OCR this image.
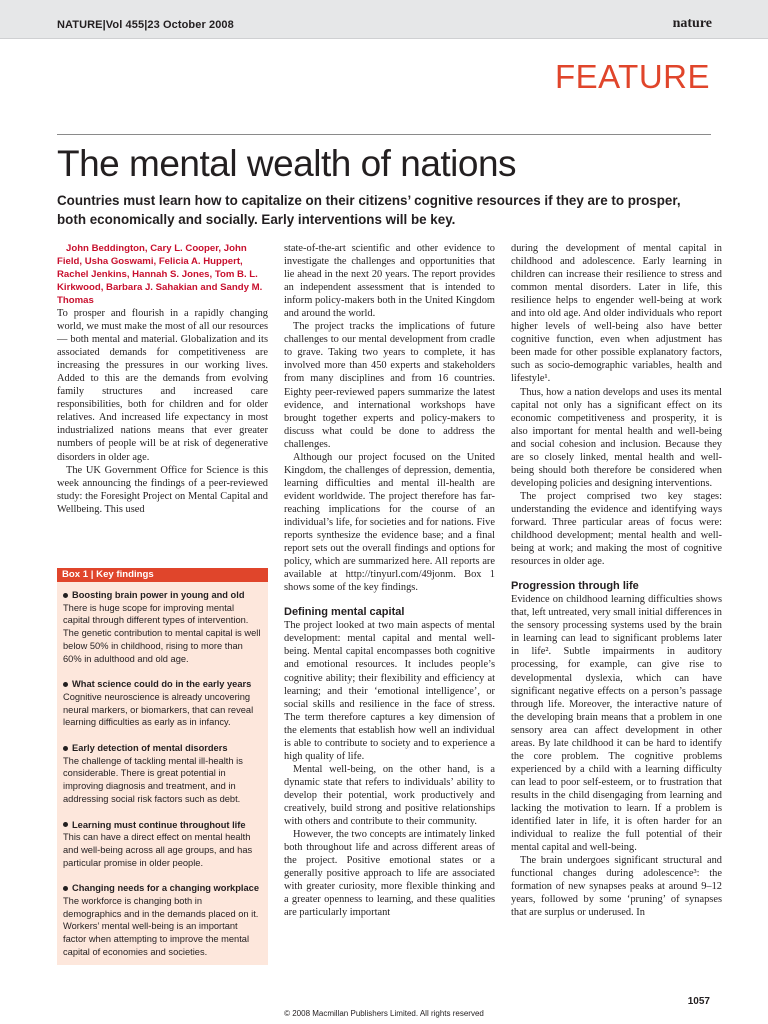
NATURE|Vol 455|23 October 2008	nature
FEATURE
The mental wealth of nations

Countries must learn how to capitalize on their citizens’ cognitive resources if they are to prosper, both economically and socially. Early interventions will be key.

John Beddington, Cary L. Cooper, John Field, Usha Goswami, Felicia A. Huppert, Rachel Jenkins, Hannah S. Jones, Tom B. L. Kirkwood, Barbara J. Sahakian and Sandy M. Thomas

To prosper and flourish in a rapidly changing world, we must make the most of all our resources — both mental and material. Globalization and its associated demands for competitiveness are increasing the pressures in our working lives. Added to this are the demands from evolving family structures and increased care responsibilities, both for children and for older relatives. And increased life expectancy in most industrialized nations means that ever greater numbers of people will be at risk of degenerative disorders in older age.

The UK Government Office for Science is this week announcing the findings of a peer-reviewed study: the Foresight Project on Mental Capital and Wellbeing. This used

Box 1 | Key findings
Boosting brain power in young and old

There is huge scope for improving mental capital through different types of intervention. The genetic contribution to mental capital is well below 50% in childhood, rising to more than 60% in adulthood and old age.

What science could do in the early years

Cognitive neuroscience is already uncovering neural markers, or biomarkers, that can reveal learning difficulties as early as in infancy.

Early detection of mental disorders

The challenge of tackling mental ill-health is considerable. There is great potential in improving diagnosis and treatment, and in addressing social risk factors such as debt.

Learning must continue throughout life

This can have a direct effect on mental health and well-being across all age groups, and has particular promise in older people.

Changing needs for a changing workplace

The workforce is changing both in demographics and in the demands placed on it. Workers’ mental well-being is an important factor when attempting to improve the mental capital of economies and societies.

state-of-the-art scientific and other evidence to investigate the challenges and opportunities that lie ahead in the next 20 years. The report provides an independent assessment that is intended to inform policy-makers both in the United Kingdom and around the world.

The project tracks the implications of future challenges to our mental development from cradle to grave. Taking two years to complete, it has involved more than 450 experts and stakeholders from many disciplines and from 16 countries. Eighty peer-reviewed papers summarize the latest evidence, and international workshops have brought together experts and policy-makers to discuss what could be done to address the challenges.

Although our project focused on the United Kingdom, the challenges of depression, dementia, learning difficulties and mental ill-health are evident worldwide. The project therefore has far-reaching implications for the course of an individual’s life, for societies and for nations. Five reports synthesize the evidence base; and a final report sets out the overall findings and options for policy, which are summarized here. All reports are available at http://tinyurl.com/49jonm. Box 1 shows some of the key findings.

Defining mental capital

The project looked at two main aspects of mental development: mental capital and mental well-being. Mental capital encompasses both cognitive and emotional resources. It includes people’s cognitive ability; their flexibility and efficiency at learning; and their ‘emotional intelligence’, or social skills and resilience in the face of stress. The term therefore captures a key dimension of the elements that establish how well an individual is able to contribute to society and to experience a high quality of life.

Mental well-being, on the other hand, is a dynamic state that refers to individuals’ ability to develop their potential, work productively and creatively, build strong and positive relationships with others and contribute to their community.

However, the two concepts are intimately linked both throughout life and across different areas of the project. Positive emotional states or a generally positive approach to life are associated with greater curiosity, more flexible thinking and a greater openness to learning, and these qualities are particularly important

during the development of mental capital in childhood and adolescence. Early learning in children can increase their resilience to stress and common mental disorders. Later in life, this resilience helps to engender well-being at work and into old age. And older individuals who report higher levels of well-being also have better cognitive function, even when adjustment has been made for other possible explanatory factors, such as socio-demographic variables, health and lifestyle¹.

Thus, how a nation develops and uses its mental capital not only has a significant effect on its economic competitiveness and prosperity, it is also important for mental health and well-being and social cohesion and inclusion. Because they are so closely linked, mental health and well-being should both therefore be considered when developing policies and designing interventions.

The project comprised two key stages: understanding the evidence and identifying ways forward. Three particular areas of focus were: childhood development; mental health and well-being at work; and making the most of cognitive resources in older age.

Progression through life

Evidence on childhood learning difficulties shows that, left untreated, very small initial differences in the sensory processing systems used by the brain in learning can lead to significant problems later in life². Subtle impairments in auditory processing, for example, can give rise to developmental dyslexia, which can have significant negative effects on a person’s passage through life. Moreover, the interactive nature of the developing brain means that a problem in one sensory area can affect development in other areas. By late childhood it can be hard to identify the core problem. The cognitive problems experienced by a child with a learning difficulty can lead to poor self-esteem, or to frustration that results in the child disengaging from learning and lacking the motivation to learn. If a problem is identified later in life, it is often harder for an individual to realize the full potential of their mental capital and well-being.

The brain undergoes significant structural and functional changes during adolescence³: the formation of new synapses peaks at around 9–12 years, followed by some ‘pruning’ of synapses that are surplus or underused. In

1057
© 2008 Macmillan Publishers Limited. All rights reserved
